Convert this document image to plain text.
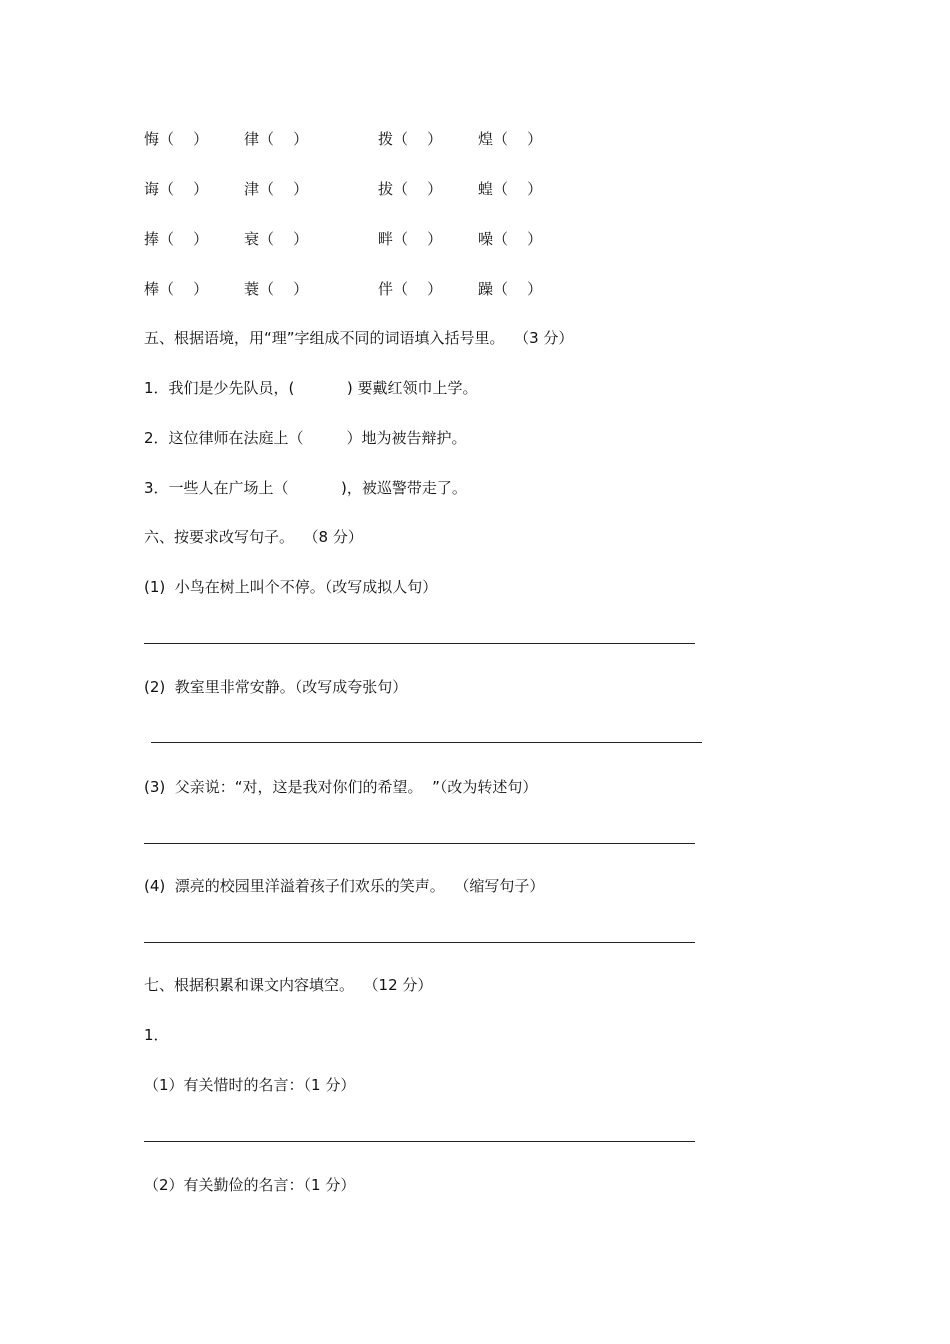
悔（    ） 律（    ）	拨（    ） 煌（    ）
诲（    ） 津（    ）	拔（    ） 蝗（    ）
捧（    ） 衰（    ）	畔（    ） 噪（    ）
棒（    ） 蓑（    ）	伴（    ） 躁（    ）
五、根据语境，用“理”字组成不同的词语填入括号里。  （3 分）
1．我们是少先队员，(           ) 要戴红领巾上学。
2．这位律师在法庭上（         ）地为被告辩护。
3．一些人在广场上（           )，被巡警带走了。
六、按要求改写句子。  （8 分）
(1)  小鸟在树上叫个不停。（改写成拟人句）
(2)  教室里非常安静。（改写成夸张句）
(3)  父亲说：“对，这是我对你们的希望。  ”（改为转述句）
(4)  漂亮的校园里洋溢着孩子们欢乐的笑声。  （缩写句子）
七、根据积累和课文内容填空。  （12 分）
1．
（1）有关惜时的名言：（1 分）
（2）有关勤俭的名言：（1 分）
